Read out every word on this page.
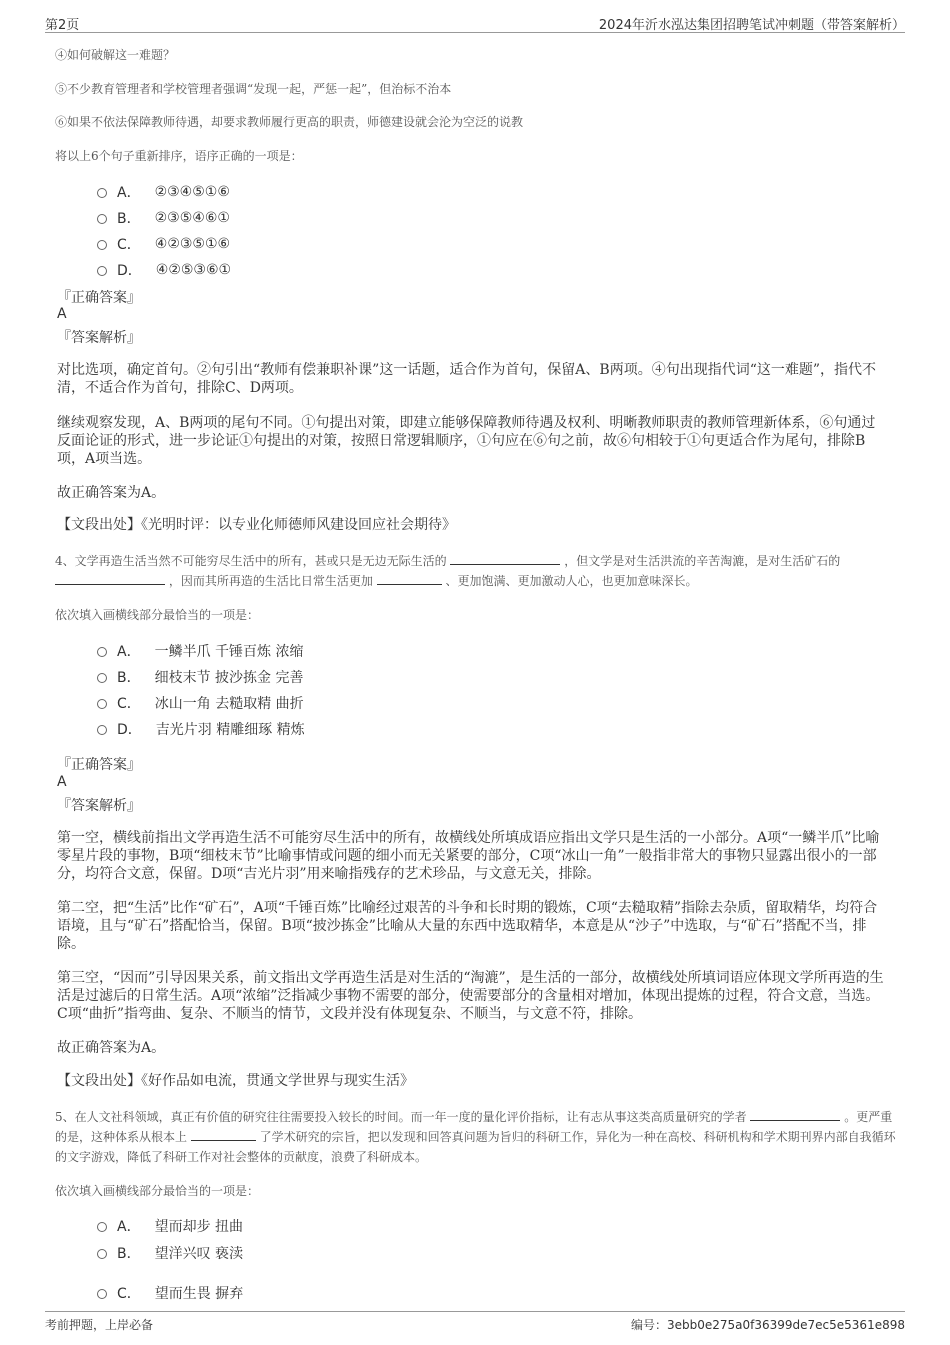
第2页	2024年沂水泓达集团招聘笔试冲刺题（带答案解析）
④如何破解这一难题？
⑤不少教育管理者和学校管理者强调“发现一起，严惩一起”，但治标不治本
⑥如果不依法保障教师待遇，却要求教师履行更高的职责，师德建设就会沦为空泛的说教
将以上6个句子重新排序，语序正确的一项是：
A． ②③④⑤①⑥
B． ②③⑤④⑥①
C． ④②③⑤①⑥
D． ④②⑤③⑥①
『正确答案』
A
『答案解析』
对比选项，确定首句。②句引出“教师有偿兼职补课”这一话题，适合作为首句，保留A、B两项。④句出现指代词“这一难题”，指代不清，不适合作为首句，排除C、D两项。
继续观察发现，A、B两项的尾句不同。①句提出对策，即建立能够保障教师待遇及权利、明晰教师职责的教师管理新体系，⑥句通过反面论证的形式，进一步论证①句提出的对策，按照日常逻辑顺序，①句应在⑥句之前，故⑥句相较于①句更适合作为尾句，排除B项，A项当选。
故正确答案为A。
【文段出处】《光明时评：以专业化师德师风建设回应社会期待》
4、文学再造生活当然不可能穷尽生活中的所有，甚或只是无边无际生活的	，但文学是对生活洪流的辛苦淘漉，是对生活矿石的  ，因而其所再造的生活比日常生活更加	、更加饱满、更加激动人心，也更加意味深长。
依次填入画横线部分最恰当的一项是：
A． 一鳞半爪 千锤百炼 浓缩
B． 细枝末节 披沙拣金 完善
C． 冰山一角 去糙取精 曲折
D． 吉光片羽 精雕细琢 精炼
『正确答案』
A
『答案解析』
第一空，横线前指出文学再造生活不可能穷尽生活中的所有，故横线处所填成语应指出文学只是生活的一小部分。A项“一鳞半爪”比喻零星片段的事物，B项“细枝末节”比喻事情或问题的细小而无关紧要的部分，C项“冰山一角”一般指非常大的事物只显露出很小的一部分，均符合文意，保留。D项“吉光片羽”用来喻指残存的艺术珍品，与文意无关，排除。
第二空，把“生活”比作“矿石”，A项“千锤百炼”比喻经过艰苦的斗争和长时期的锻炼，C项“去糙取精”指除去杂质，留取精华，均符合语境，且与“矿石”搭配恰当，保留。B项“披沙拣金”比喻从大量的东西中选取精华，本意是从“沙子”中选取，与“矿石”搭配不当，排除。
第三空，“因而”引导因果关系，前文指出文学再造生活是对生活的“淘漉”，是生活的一部分，故横线处所填词语应体现文学所再造的生活是过滤后的日常生活。A项“浓缩”泛指减少事物不需要的部分，使需要部分的含量相对增加，体现出提炼的过程，符合文意，当选。C项“曲折”指弯曲、复杂、不顺当的情节，文段并没有体现复杂、不顺当，与文意不符，排除。
故正确答案为A。
【文段出处】《好作品如电流，贯通文学世界与现实生活》
5、在人文社科领域，真正有价值的研究往往需要投入较长的时间。而一年一度的量化评价指标，让有志从事这类高质量研究的学者	。更严重的是，这种体系从根本上	了学术研究的宗旨，把以发现和回答真问题为旨归的科研工作，异化为一种在高校、科研机构和学术期刊界内部自我循环的文字游戏，降低了科研工作对社会整体的贡献度，浪费了科研成本。
依次填入画横线部分最恰当的一项是：
A． 望而却步 扭曲
B． 望洋兴叹 亵渎
C． 望而生畏 摒弃
考前押题，上岸必备	编号：3ebb0e275a0f36399de7ec5e5361e898
